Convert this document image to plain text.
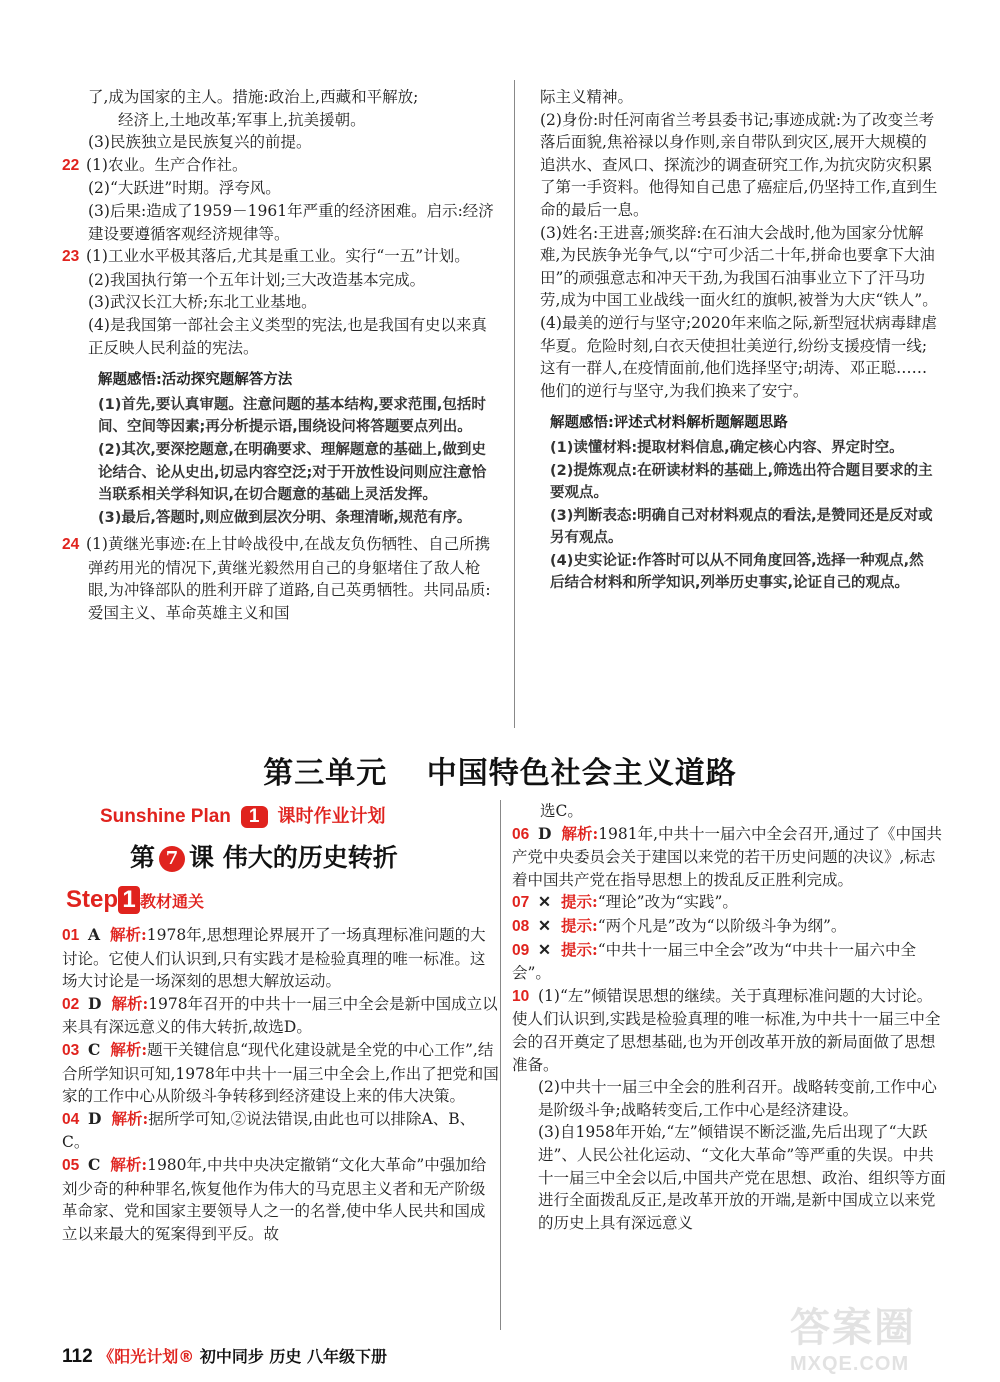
了,成为国家的主人。措施:政治上,西藏和平解放;
经济上,土地改革;军事上,抗美援朝。
(3)民族独立是民族复兴的前提。
22 (1)农业。生产合作社。
(2)“大跃进”时期。浮夸风。
(3)后果:造成了1959－1961年严重的经济困难。启示:经济建设要遵循客观经济规律等。
23 (1)工业水平极其落后,尤其是重工业。实行“一五”计划。
(2)我国执行第一个五年计划;三大改造基本完成。
(3)武汉长江大桥;东北工业基地。
(4)是我国第一部社会主义类型的宪法,也是我国有史以来真正反映人民利益的宪法。
解题感悟:活动探究题解答方法
(1)首先,要认真审题。注意问题的基本结构,要求范围,包括时间、空间等因素;再分析提示语,围绕设问将答题要点列出。
(2)其次,要深挖题意,在明确要求、理解题意的基础上,做到史论结合、论从史出,切忌内容空泛;对于开放性设问则应注意恰当联系相关学科知识,在切合题意的基础上灵活发挥。
(3)最后,答题时,则应做到层次分明、条理清晰,规范有序。
24 (1)黄继光事迹:在上甘岭战役中,在战友负伤牺牲、自己所携弹药用光的情况下,黄继光毅然用自己的身躯堵住了敌人枪眼,为冲锋部队的胜利开辟了道路,自己英勇牺牲。共同品质:爱国主义、革命英雄主义和国
际主义精神。
(2)身份:时任河南省兰考县委书记;事迹成就:为了改变兰考落后面貌,焦裕禄以身作则,亲自带队到灾区,展开大规模的追洪水、查风口、探流沙的调查研究工作,为抗灾防灾积累了第一手资料。他得知自己患了癌症后,仍坚持工作,直到生命的最后一息。
(3)姓名:王进喜;颁奖辞:在石油大会战时,他为国家分忧解难,为民族争光争气,以“宁可少活二十年,拼命也要拿下大油田”的顽强意志和冲天干劲,为我国石油事业立下了汗马功劳,成为中国工业战线一面火红的旗帜,被誉为大庆“铁人”。
(4)最美的逆行与坚守;2020年来临之际,新型冠状病毒肆虐华夏。危险时刻,白衣天使担壮美逆行,纷纷支援疫情一线;这有一群人,在疫情面前,他们选择坚守;胡涛、邓正聪……他们的逆行与坚守,为我们换来了安宁。
解题感悟:评述式材料解析题解题思路
(1)读懂材料:提取材料信息,确定核心内容、界定时空。
(2)提炼观点:在研读材料的基础上,筛选出符合题目要求的主要观点。
(3)判断表态:明确自己对材料观点的看法,是赞同还是反对或另有观点。
(4)史实论证:作答时可以从不同角度回答,选择一种观点,然后结合材料和所学知识,列举历史事实,论证自己的观点。
第三单元 中国特色社会主义道路
Sunshine Plan 1 课时作业计划
第 7 课 伟大的历史转折
Step 1 教材通关
01 A 解析:1978年,思想理论界展开了一场真理标准问题的大讨论。它使人们认识到,只有实践才是检验真理的唯一标准。这场大讨论是一场深刻的思想大解放运动。
02 D 解析:1978年召开的中共十一届三中全会是新中国成立以来具有深远意义的伟大转折,故选D。
03 C 解析:题干关键信息“现代化建设就是全党的中心工作”,结合所学知识可知,1978年中共十一届三中全会上,作出了把党和国家的工作中心从阶级斗争转移到经济建设上来的伟大决策。
04 D 解析:据所学可知,②说法错误,由此也可以排除A、B、C。
05 C 解析:1980年,中共中央决定撤销“文化大革命”中强加给刘少奇的种种罪名,恢复他作为伟大的马克思主义者和无产阶级革命家、党和国家主要领导人之一的名誉,使中华人民共和国成立以来最大的冤案得到平反。故
选C。
06 D 解析:1981年,中共十一届六中全会召开,通过了《中国共产党中央委员会关于建国以来党的若干历史问题的决议》,标志着中国共产党在指导思想上的拨乱反正胜利完成。
07 ✕ 提示:“理论”改为“实践”。
08 ✕ 提示:“两个凡是”改为“以阶级斗争为纲”。
09 ✕ 提示:“中共十一届三中全会”改为“中共十一届六中全会”。
10 (1)“左”倾错误思想的继续。关于真理标准问题的大讨论。使人们认识到,实践是检验真理的唯一标准,为中共十一届三中全会的召开奠定了思想基础,也为开创改革开放的新局面做了思想准备。
(2)中共十一届三中全会的胜利召开。战略转变前,工作中心是阶级斗争;战略转变后,工作中心是经济建设。
(3)自1958年开始,“左”倾错误不断泛滥,先后出现了“大跃进”、人民公社化运动、“文化大革命”等严重的失误。中共十一届三中全会以后,中国共产党在思想、政治、组织等方面进行全面拨乱反正,是改革开放的开端,是新中国成立以来党的历史上具有深远意义
112 《阳光计划® 初中同步 历史 八年级下册
答案圈
MXQE.COM
